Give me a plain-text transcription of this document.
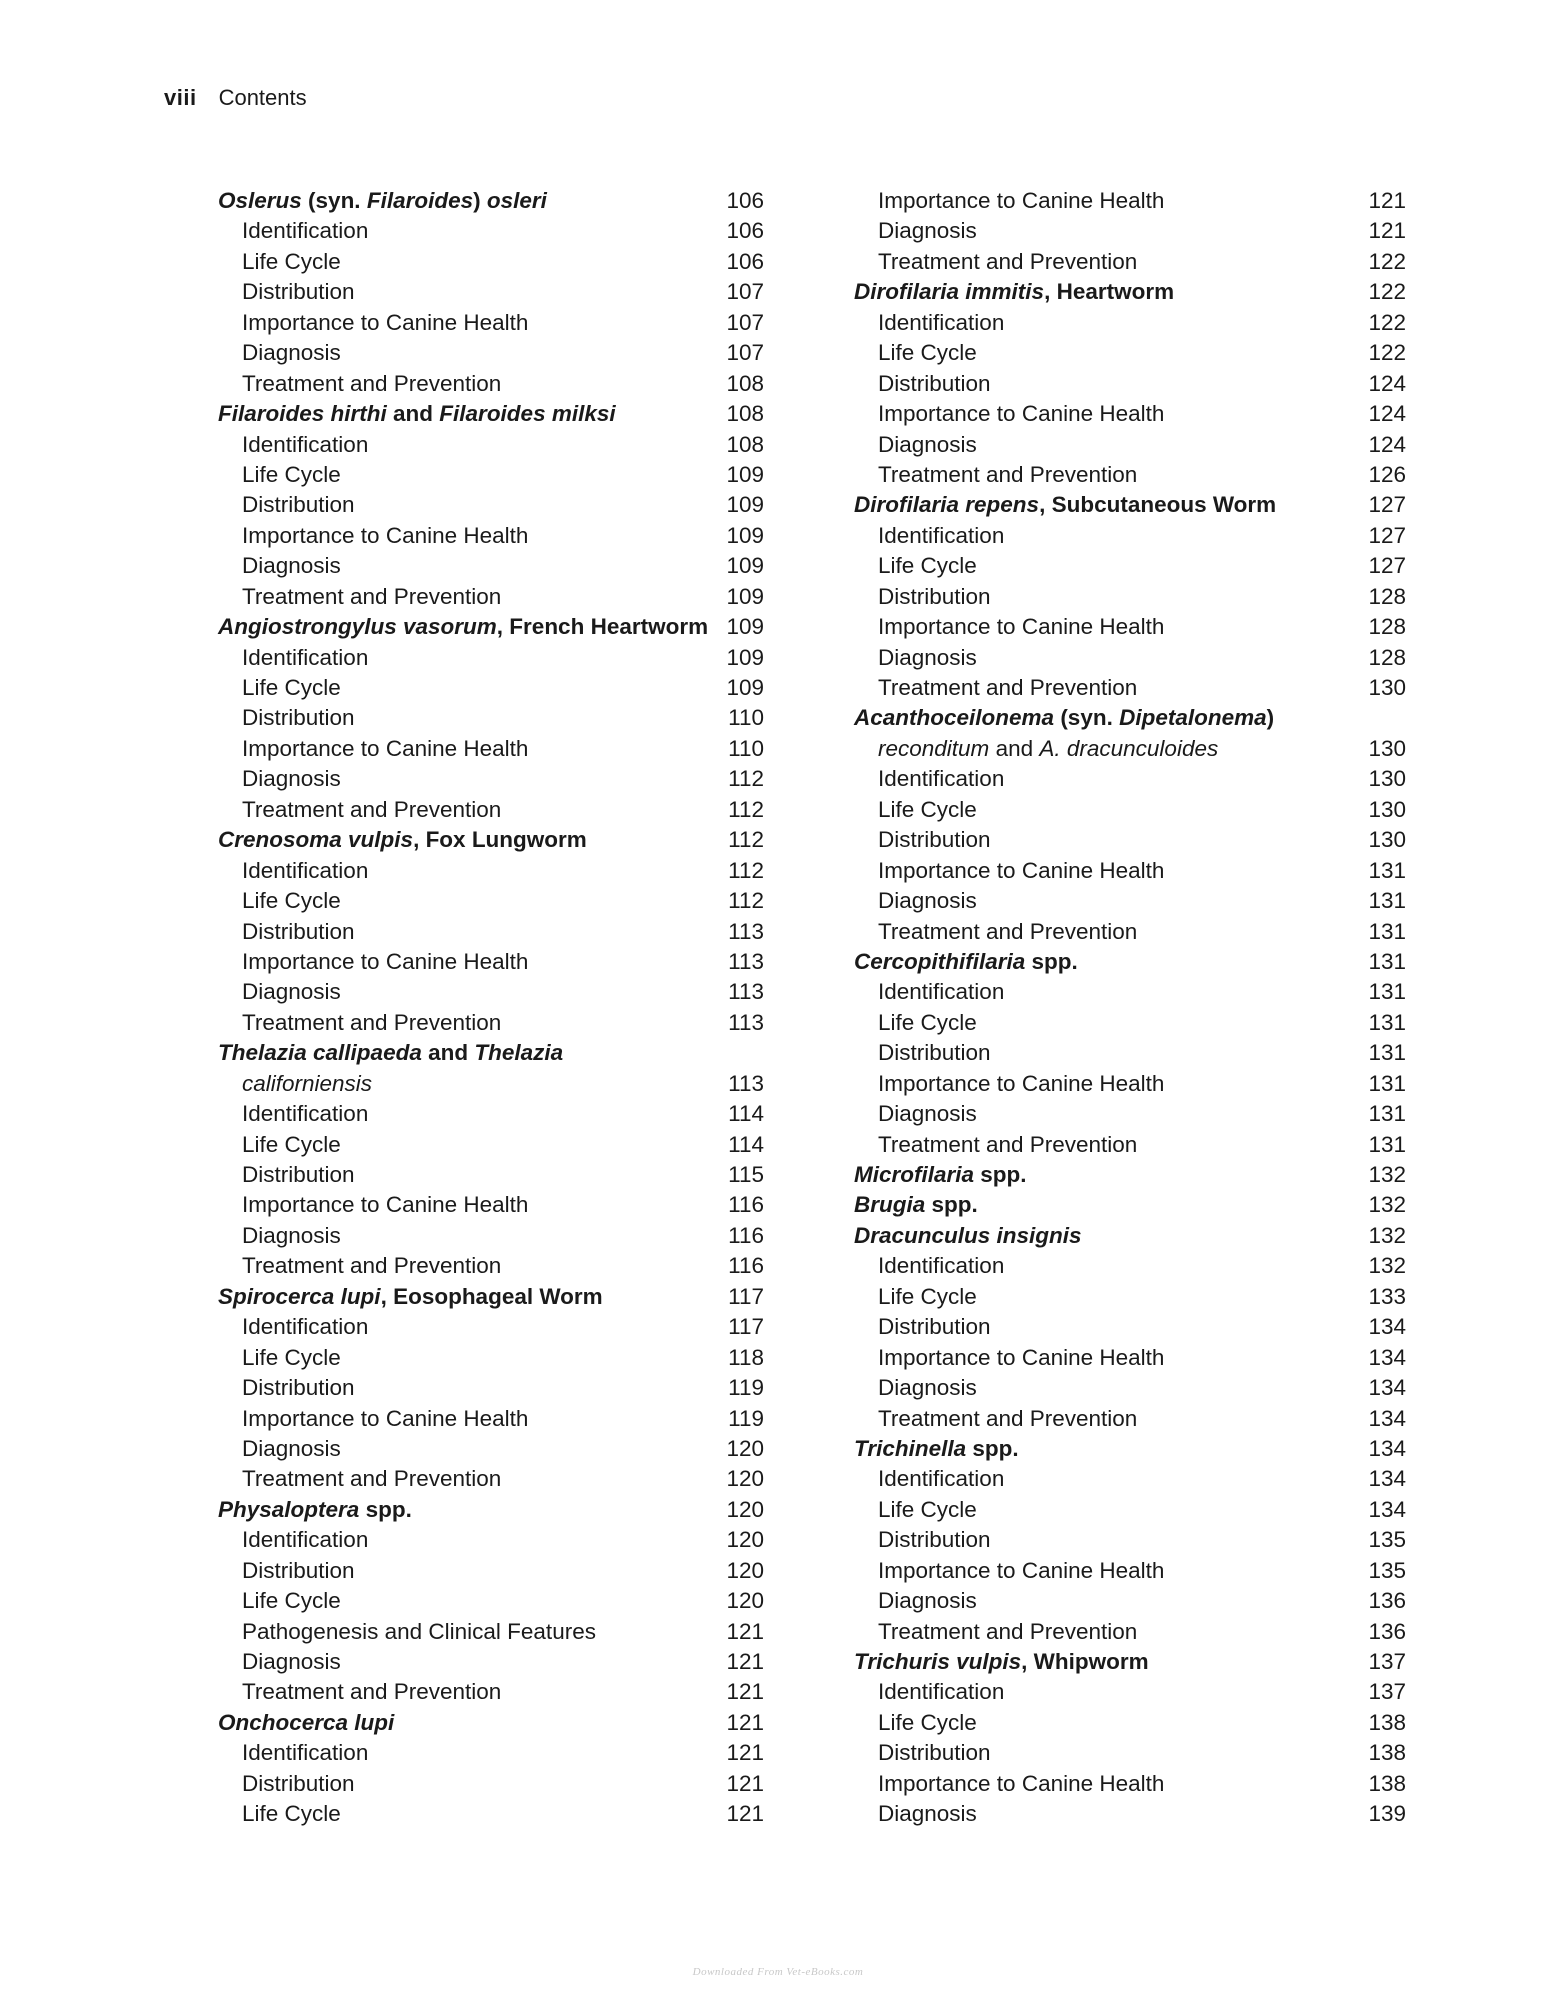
viii Contents
Oslerus (syn. Filaroides) osleri	106
Identification	106
Life Cycle	106
Distribution	107
Importance to Canine Health	107
Diagnosis	107
Treatment and Prevention	108
Filaroides hirthi and Filaroides milksi	108
Identification	108
Life Cycle	109
Distribution	109
Importance to Canine Health	109
Diagnosis	109
Treatment and Prevention	109
Angiostrongylus vasorum, French Heartworm 109
Identification	109
Life Cycle	109
Distribution	110
Importance to Canine Health	110
Diagnosis	112
Treatment and Prevention	112
Crenosoma vulpis, Fox Lungworm	112
Identification	112
Life Cycle	112
Distribution	113
Importance to Canine Health	113
Diagnosis	113
Treatment and Prevention	113
Thelazia callipaeda and Thelazia
californiensis	113
Identification	114
Life Cycle	114
Distribution	115
Importance to Canine Health	116
Diagnosis	116
Treatment and Prevention	116
Spirocerca lupi, Eosophageal Worm	117
Identification	117
Life Cycle	118
Distribution	119
Importance to Canine Health	119
Diagnosis	120
Treatment and Prevention	120
Physaloptera spp.	120
Identification	120
Distribution	120
Life Cycle	120
Pathogenesis and Clinical Features	121
Diagnosis	121
Treatment and Prevention	121
Onchocerca lupi	121
Identification	121
Distribution	121
Life Cycle	121
Importance to Canine Health	121
Diagnosis	121
Treatment and Prevention	122
Dirofilaria immitis, Heartworm	122
Identification	122
Life Cycle	122
Distribution	124
Importance to Canine Health	124
Diagnosis	124
Treatment and Prevention	126
Dirofilaria repens, Subcutaneous Worm	127
Identification	127
Life Cycle	127
Distribution	128
Importance to Canine Health	128
Diagnosis	128
Treatment and Prevention	130
Acanthoceilonema (syn. Dipetalonema)
reconditum and A. dracunculoides	130
Identification	130
Life Cycle	130
Distribution	130
Importance to Canine Health	131
Diagnosis	131
Treatment and Prevention	131
Cercopithifilaria spp.	131
Identification	131
Life Cycle	131
Distribution	131
Importance to Canine Health	131
Diagnosis	131
Treatment and Prevention	131
Microfilaria spp.	132
Brugia spp.	132
Dracunculus insignis	132
Identification	132
Life Cycle	133
Distribution	134
Importance to Canine Health	134
Diagnosis	134
Treatment and Prevention	134
Trichinella spp.	134
Identification	134
Life Cycle	134
Distribution	135
Importance to Canine Health	135
Diagnosis	136
Treatment and Prevention	136
Trichuris vulpis, Whipworm	137
Identification	137
Life Cycle	138
Distribution	138
Importance to Canine Health	138
Diagnosis	139
Downloaded From Vet-eBooks.com
